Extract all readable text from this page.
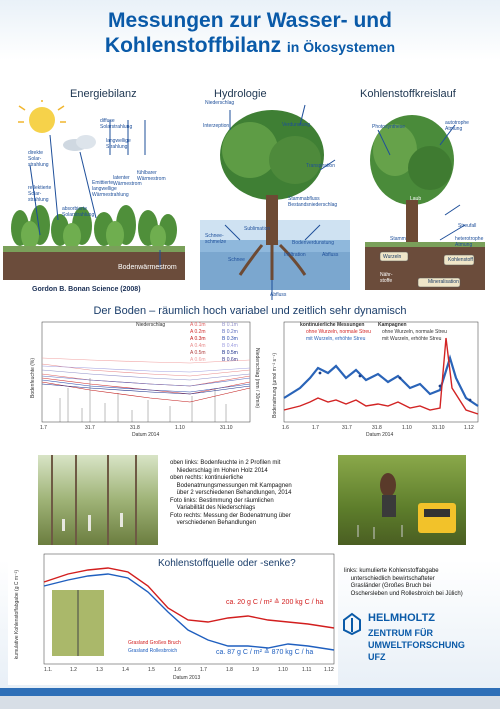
Messungen zur Wasser- und
Kohlenstoffbilanz in Ökosystemen
Energiebilanz	Hydrologie	Kohlenstoffkreislauf
diffuse Solarstrahlung
direkte Solar- strahlung
reflektierte Solar- strahlung
absorbierte Solarstrahlung
Emittierte langwellige Wärmestrahlung
langwellige Strahlung
latenter Wärmestrom
fühlbarer Wärmestrom
Bodenwärmestrom
Gordon B. Bonan Science (2008)
Niederschlag
Interzeption	Verdunstung
Transpiration
Stammabfluss
Bestandsniederschlag
Schnee- schmelze
Sublimation
Bodenverdunstung
Infiltration	Abfluss
Schnee
Abfluss
Photosynthese
autotrophe Atmung
Laub
Streufall
Stamm	heterotrophe Atmung
Wurzeln	Kohlenstoff
Nähr- stoffe	Mineralisation
Der Boden – räumlich hoch variabel und zeitlich sehr dynamisch
Niederschlag	A 0.1m	B 0.1m
A 0.2m	B 0.2m
A 0.3m	B 0.3m
A 0.4m	B 0.4m
A 0.5m	B 0.5m
A 0.6m	B 0.6m
Bodenfeuchte (%)	Niederschlag (mm / 30min)
1.7	31.7	31.8	1.10	31.10
Datum 2014
kontinuierliche Messungen	Kampagnen
ohne Wurzeln, normale Streu
mit Wurzeln, erhöhte Streu
ohne Wurzeln, normale Streu
mit Wurzeln, erhöhte Streu
Bodenatmung (µmol m⁻² s⁻¹)
1.6	1.7	31.7	31.8	1.10	31.10	1.12
Datum 2014
oben links: Bodenfeuchte in 2 Profilen mit
Niederschlag im Hohen Holz 2014
oben rechts: kontinuierliche
Bodenatmungsmessungen mit Kampagnen
über 2 verschiedenen Behandlungen, 2014
Foto links: Bestimmung der räumlichen
Variabilität des Niederschlags
Foto rechts: Messung der Bodenatmung über
verschiedenen Behandlungen
Kohlenstoffquelle oder -senke?
kumulative Kohlenstoffabgabe (g C m⁻²)	ca. 20 g C / m² ≙ 200 kg C / ha
ca. 87 g C / m² ≙ 870 kg C / ha
Grasland Großes Bruch
Grasland Rollesbroich
1.1.	1.2	1.3	1.4	1.5	1.6	1.7	1.8	1.9	1.10	1.11	1.12
Datum 2013
links: kumulierte Kohlenstoffabgabe
unterschiedlich bewirtschafteter
Grasländer (Großes Bruch bei
Oschersleben und Rollesbroich bei Jülich)
HELMHOLTZ
ZENTRUM FÜR
UMWELTFORSCHUNG
UFZ
